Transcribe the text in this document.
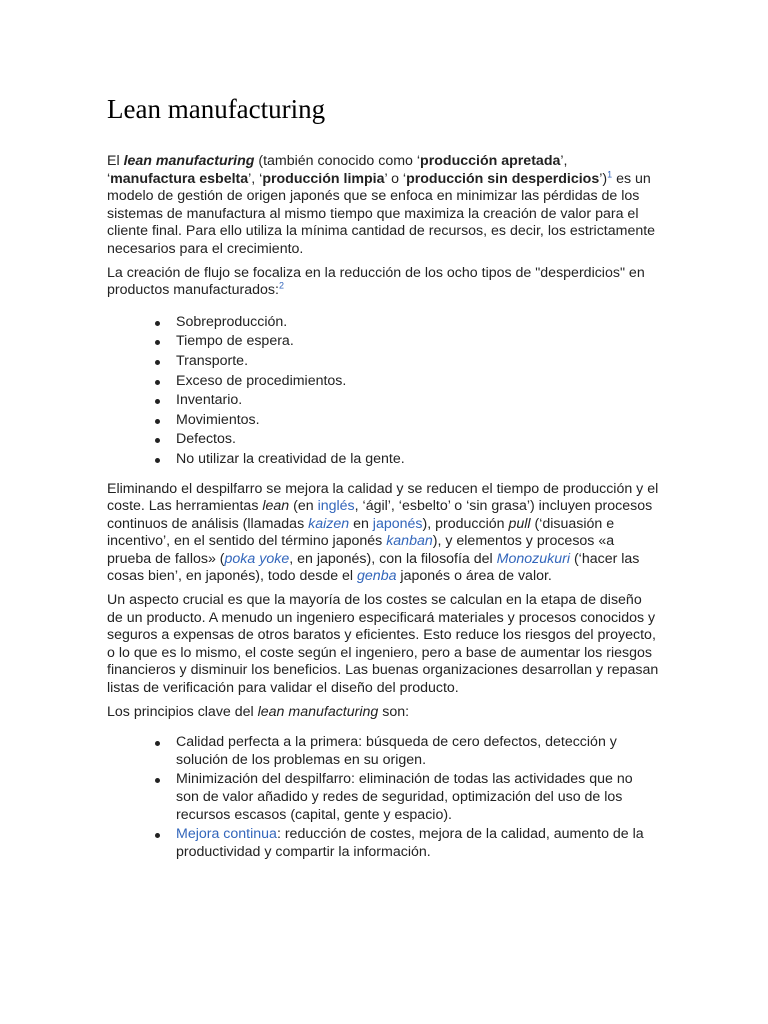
Lean manufacturing

El lean manufacturing (también conocido como ‘producción apretada’, ‘manufactura esbelta’, ‘producción limpia’ o ‘producción sin desperdicios’)$^1$ es un modelo de gestión de origen japonés que se enfoca en minimizar las pérdidas de los sistemas de manufactura al mismo tiempo que maximiza la creación de valor para el cliente final. Para ello utiliza la mínima cantidad de recursos, es decir, los estrictamente necesarios para el crecimiento.

La creación de flujo se focaliza en la reducción de los ocho tipos de "desperdicios" en productos manufacturados:$^2$

Sobreproducción.
Tiempo de espera.
Transporte.
Exceso de procedimientos.
Inventario.
Movimientos.
Defectos.
No utilizar la creatividad de la gente.

Eliminando el despilfarro se mejora la calidad y se reducen el tiempo de producción y el coste. Las herramientas lean (en inglés, ‘ágil’, ‘esbelto’ o ‘sin grasa’) incluyen procesos continuos de análisis (llamadas kaizen en japonés), producción pull (‘disuasión e incentivo’, en el sentido del término japonés kanban), y elementos y procesos «a prueba de fallos» (poka yoke, en japonés), con la filosofía del Monozukuri (‘hacer las cosas bien’, en japonés), todo desde el genba japonés o área de valor.

Un aspecto crucial es que la mayoría de los costes se calculan en la etapa de diseño de un producto. A menudo un ingeniero especificará materiales y procesos conocidos y seguros a expensas de otros baratos y eficientes. Esto reduce los riesgos del proyecto, o lo que es lo mismo, el coste según el ingeniero, pero a base de aumentar los riesgos financieros y disminuir los beneficios. Las buenas organizaciones desarrollan y repasan listas de verificación para validar el diseño del producto.

Los principios clave del lean manufacturing son:

Calidad perfecta a la primera: búsqueda de cero defectos, detección y solución de los problemas en su origen.
Minimización del despilfarro: eliminación de todas las actividades que no son de valor añadido y redes de seguridad, optimización del uso de los recursos escasos (capital, gente y espacio).
Mejora continua: reducción de costes, mejora de la calidad, aumento de la productividad y compartir la información.
